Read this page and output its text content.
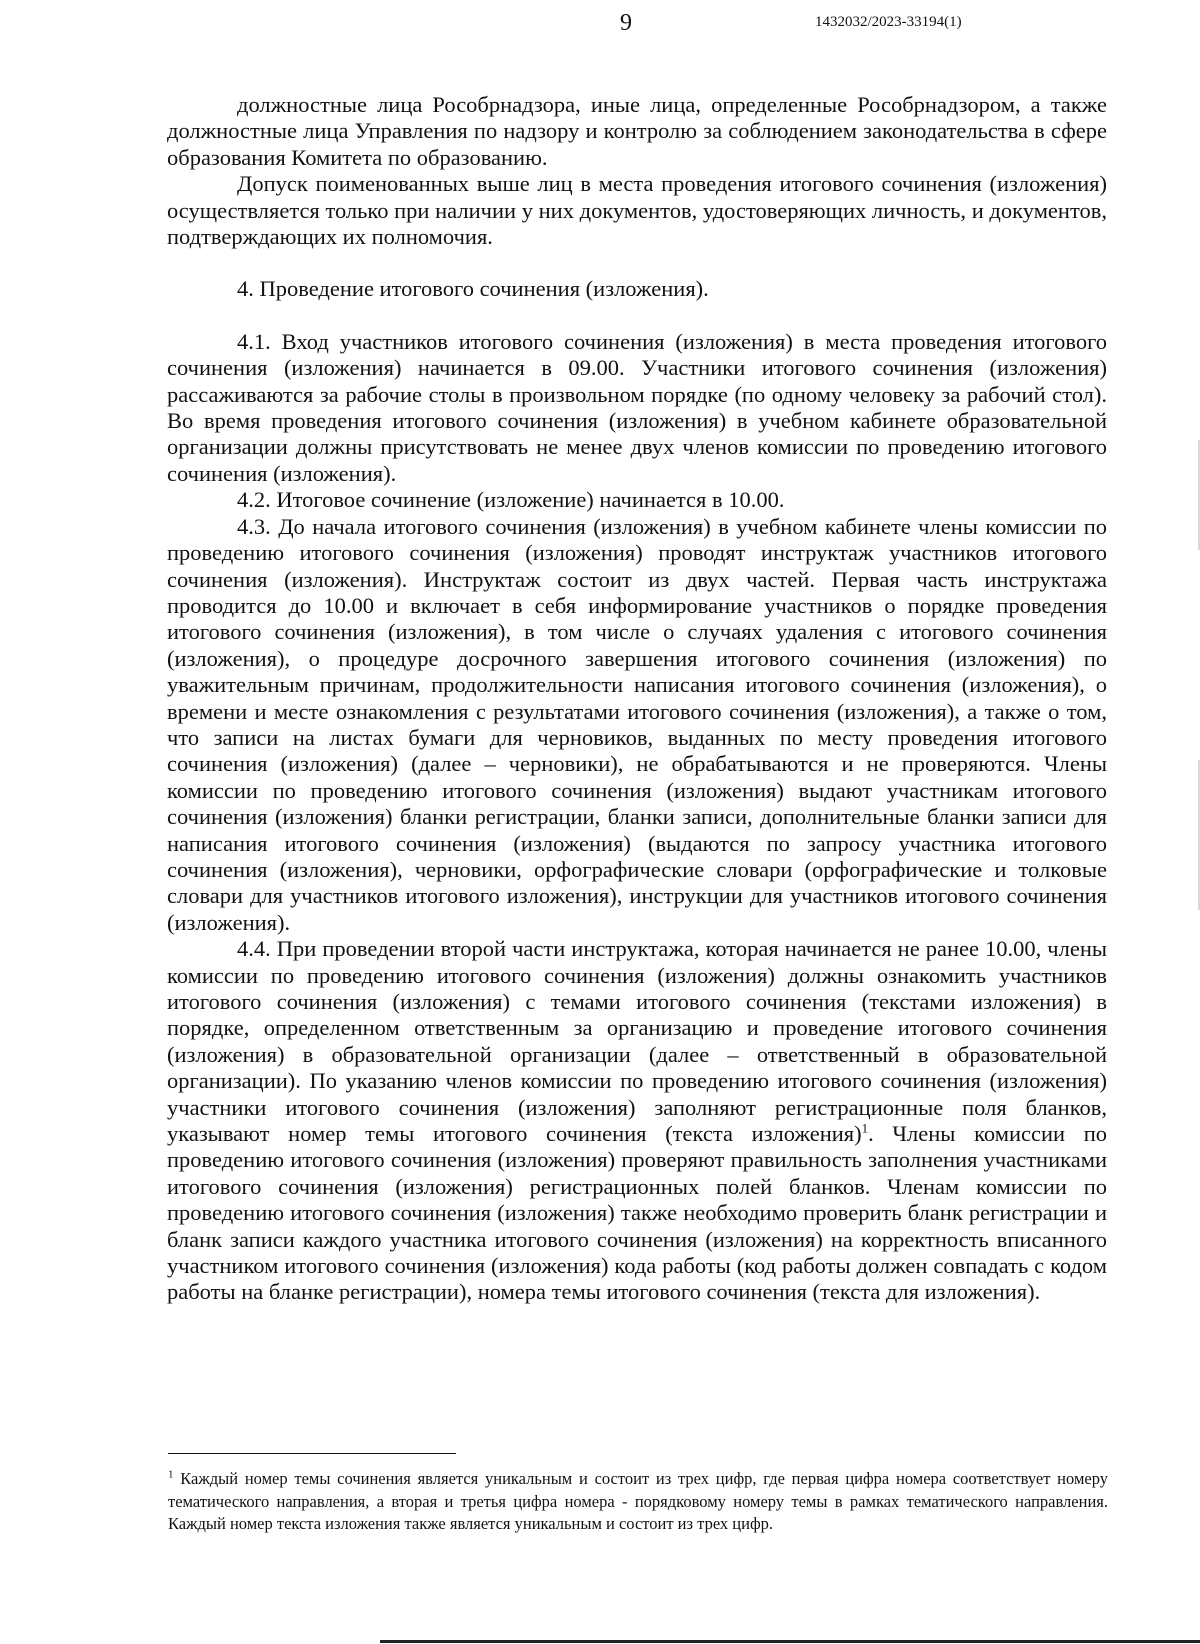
9	1432032/2023-33194(1)

должностные лица Рособрнадзора, иные лица, определенные Рособрнадзором, а также должностные лица Управления по надзору и контролю за соблюдением законодательства в сфере образования Комитета по образованию.

Допуск поименованных выше лиц в места проведения итогового сочинения (изложения) осуществляется только при наличии у них документов, удостоверяющих личность, и документов, подтверждающих их полномочия.

4. Проведение итогового сочинения (изложения).

4.1. Вход участников итогового сочинения (изложения) в места проведения итогового сочинения (изложения) начинается в 09.00. Участники итогового сочинения (изложения) рассаживаются за рабочие столы в произвольном порядке (по одному человеку за рабочий стол). Во время проведения итогового сочинения (изложения) в учебном кабинете образовательной организации должны присутствовать не менее двух членов комиссии по проведению итогового сочинения (изложения).

4.2. Итоговое сочинение (изложение) начинается в 10.00.

4.3. До начала итогового сочинения (изложения) в учебном кабинете члены комиссии по проведению итогового сочинения (изложения) проводят инструктаж участников итогового сочинения (изложения). Инструктаж состоит из двух частей. Первая часть инструктажа проводится до 10.00 и включает в себя информирование участников о порядке проведения итогового сочинения (изложения), в том числе о случаях удаления с итогового сочинения (изложения), о процедуре досрочного завершения итогового сочинения (изложения) по уважительным причинам, продолжительности написания итогового сочинения (изложения), о времени и месте ознакомления с результатами итогового сочинения (изложения), а также о том, что записи на листах бумаги для черновиков, выданных по месту проведения итогового сочинения (изложения) (далее – черновики), не обрабатываются и не проверяются. Члены комиссии по проведению итогового сочинения (изложения) выдают участникам итогового сочинения (изложения) бланки регистрации, бланки записи, дополнительные бланки записи для написания итогового сочинения (изложения) (выдаются по запросу участника итогового сочинения (изложения), черновики, орфографические словари (орфографические и толковые словари для участников итогового изложения), инструкции для участников итогового сочинения (изложения).

4.4. При проведении второй части инструктажа, которая начинается не ранее 10.00, члены комиссии по проведению итогового сочинения (изложения) должны ознакомить участников итогового сочинения (изложения) с темами итогового сочинения (текстами изложения) в порядке, определенном ответственным за организацию и проведение итогового сочинения (изложения) в образовательной организации (далее – ответственный в образовательной организации). По указанию членов комиссии по проведению итогового сочинения (изложения) участники итогового сочинения (изложения) заполняют регистрационные поля бланков, указывают номер темы итогового сочинения (текста изложения)$^1$. Члены комиссии по проведению итогового сочинения (изложения) проверяют правильность заполнения участниками итогового сочинения (изложения) регистрационных полей бланков. Членам комиссии по проведению итогового сочинения (изложения) также необходимо проверить бланк регистрации и бланк записи каждого участника итогового сочинения (изложения) на корректность вписанного участником итогового сочинения (изложения) кода работы (код работы должен совпадать с кодом работы на бланке регистрации), номера темы итогового сочинения (текста для изложения).

$^1$ Каждый номер темы сочинения является уникальным и состоит из трех цифр, где первая цифра номера соответствует номеру тематического направления, а вторая и третья цифра номера - порядковому номеру темы в рамках тематического направления. Каждый номер текста изложения также является уникальным и состоит из трех цифр.
